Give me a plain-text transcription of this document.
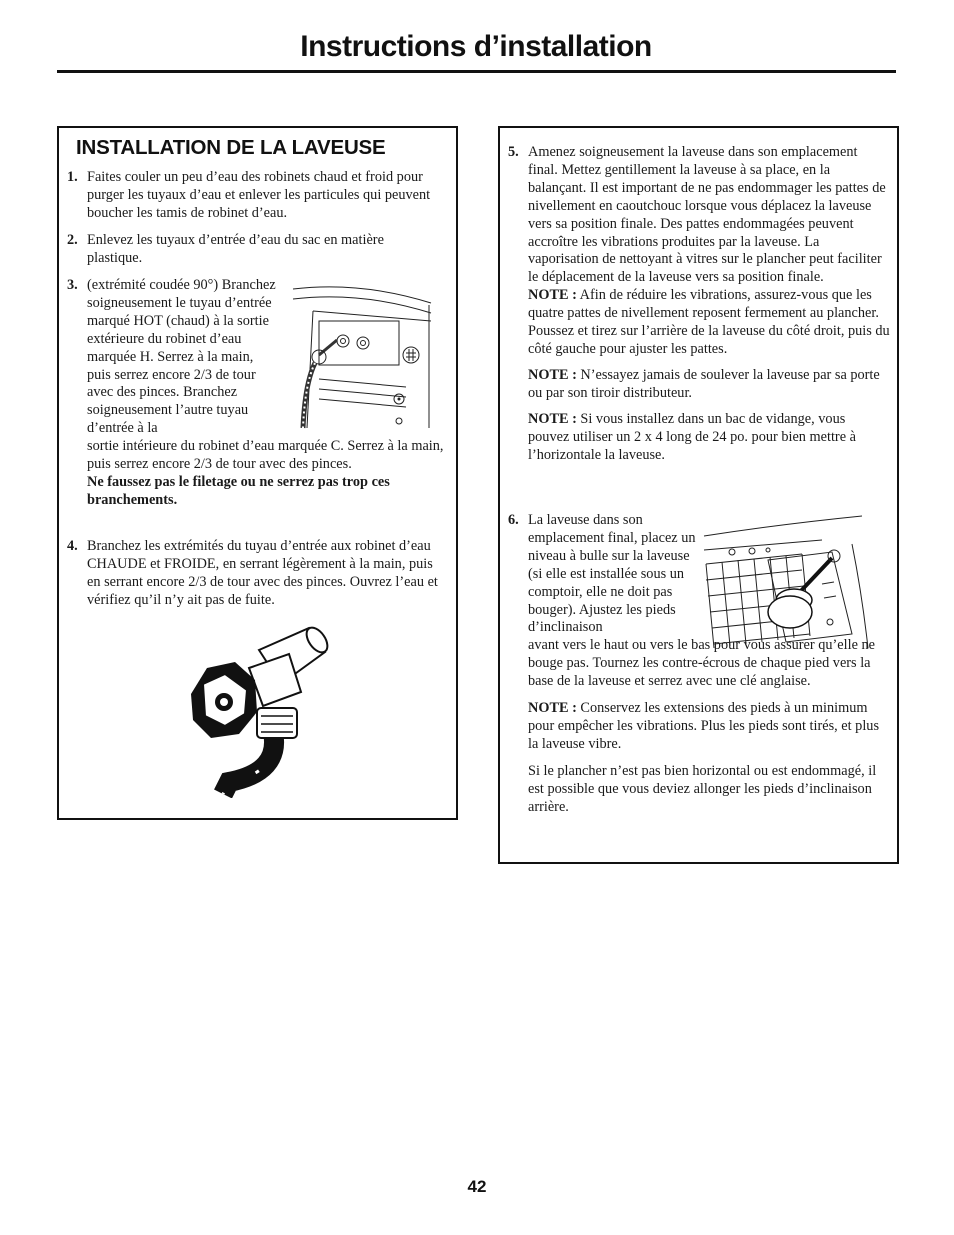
Instructions d’installation
INSTALLATION DE LA LAVEUSE
1. Faites couler un peu d’eau des robinets chaud et froid pour purger les tuyaux d’eau et enlever les particules qui peuvent boucher les tamis de robinet d’eau.

2. Enlevez les tuyaux d’entrée d’eau du sac en matière plastique.

3. (extrémité coudée 90°) Branchez soigneusement le tuyau d’entrée marqué HOT (chaud) à la sortie extérieure du robinet d’eau marquée H. Serrez à la main, puis serrez encore 2/3 de tour avec des pinces. Branchez soigneusement l’autre tuyau d’entrée à la

sortie intérieure du robinet d’eau marquée C. Serrez à la main, puis serrez encore 2/3 de tour avec des pinces.

Ne faussez pas le filetage ou ne serrez pas trop ces branchements.

4. Branchez les extrémités du tuyau d’entrée aux robinet d’eau CHAUDE et FROIDE, en serrant légèrement à la main, puis en serrant encore 2/3 de tour avec des pinces. Ouvrez l’eau et vérifiez qu’il n’y ait pas de fuite.

5. Amenez soigneusement la laveuse dans son emplacement final. Mettez gentillement la laveuse à sa place, en la balançant. Il est important de ne pas endommager les pattes de nivellement en caoutchouc lorsque vous déplacez la laveuse vers sa position finale. Des pattes endommagées peuvent accroître les vibrations produites par la laveuse. La vaporisation de nettoyant à vitres sur le plancher peut faciliter le déplacement de la laveuse vers sa position finale.

NOTE : Afin de réduire les vibrations, assurez-vous que les quatre pattes de nivellement reposent fermement au plancher. Poussez et tirez sur l’arrière de la laveuse du côté droit, puis du côté gauche pour ajuster les pattes.

NOTE : N’essayez jamais de soulever la laveuse par sa porte ou par son tiroir distributeur.

NOTE : Si vous installez dans un bac de vidange, vous pouvez utiliser un 2 x 4 long de 24 po. pour bien mettre à l’horizontale la laveuse.

6. La laveuse dans son emplacement final, placez un niveau à bulle sur la laveuse (si elle est installée sous un comptoir, elle ne doit pas bouger). Ajustez les pieds d’inclinaison

avant vers le haut ou vers le bas pour vous assurer qu’elle ne bouge pas. Tournez les contre-écrous de chaque pied vers la base de la laveuse et serrez avec une clé anglaise.

NOTE : Conservez les extensions des pieds à un minimum pour empêcher les vibrations. Plus les pieds sont tirés, et plus la laveuse vibre.

Si le plancher n’est pas bien horizontal ou est endommagé, il est possible que vous deviez allonger les pieds d’inclinaison arrière.

42
